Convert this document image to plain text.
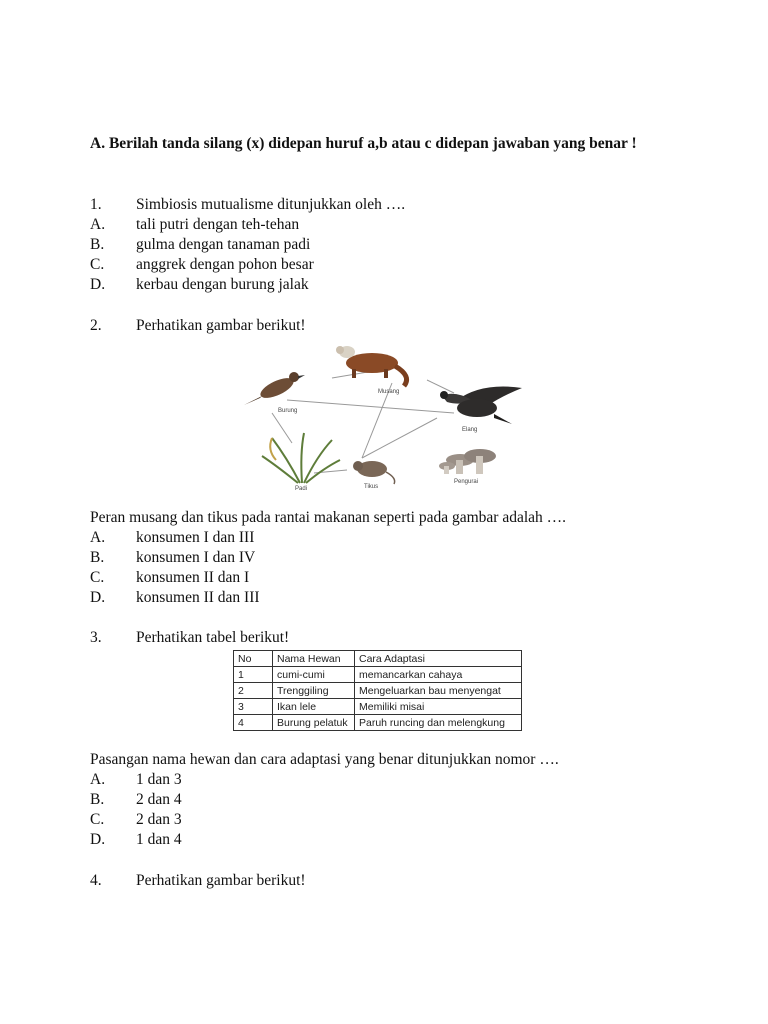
A. Berilah tanda silang (x) didepan huruf a,b atau c didepan jawaban yang benar !
1. Simbiosis mutualisme ditunjukkan oleh ….
A. tali putri dengan teh-tehan
B. gulma dengan tanaman padi
C. anggrek dengan pohon besar
D. kerbau dengan burung jalak
2. Perhatikan gambar berikut!
Burung
Musang
Elang
Padi	Tikus
Pengurai
Peran musang dan tikus pada rantai makanan seperti pada gambar adalah ….
A. konsumen I dan III
B. konsumen I dan IV
C. konsumen II dan I
D. konsumen II dan III
3. Perhatikan tabel berikut!
No	Nama Hewan	Cara Adaptasi
1	cumi-cumi	memancarkan cahaya
2	Trenggiling	Mengeluarkan bau menyengat
3	Ikan lele	Memiliki misai
4	Burung pelatuk	Paruh runcing dan melengkung
Pasangan nama hewan dan cara adaptasi yang benar ditunjukkan nomor ….
A. 1 dan 3
B. 2 dan 4
C. 2 dan 3
D. 1 dan 4
4. Perhatikan gambar berikut!
